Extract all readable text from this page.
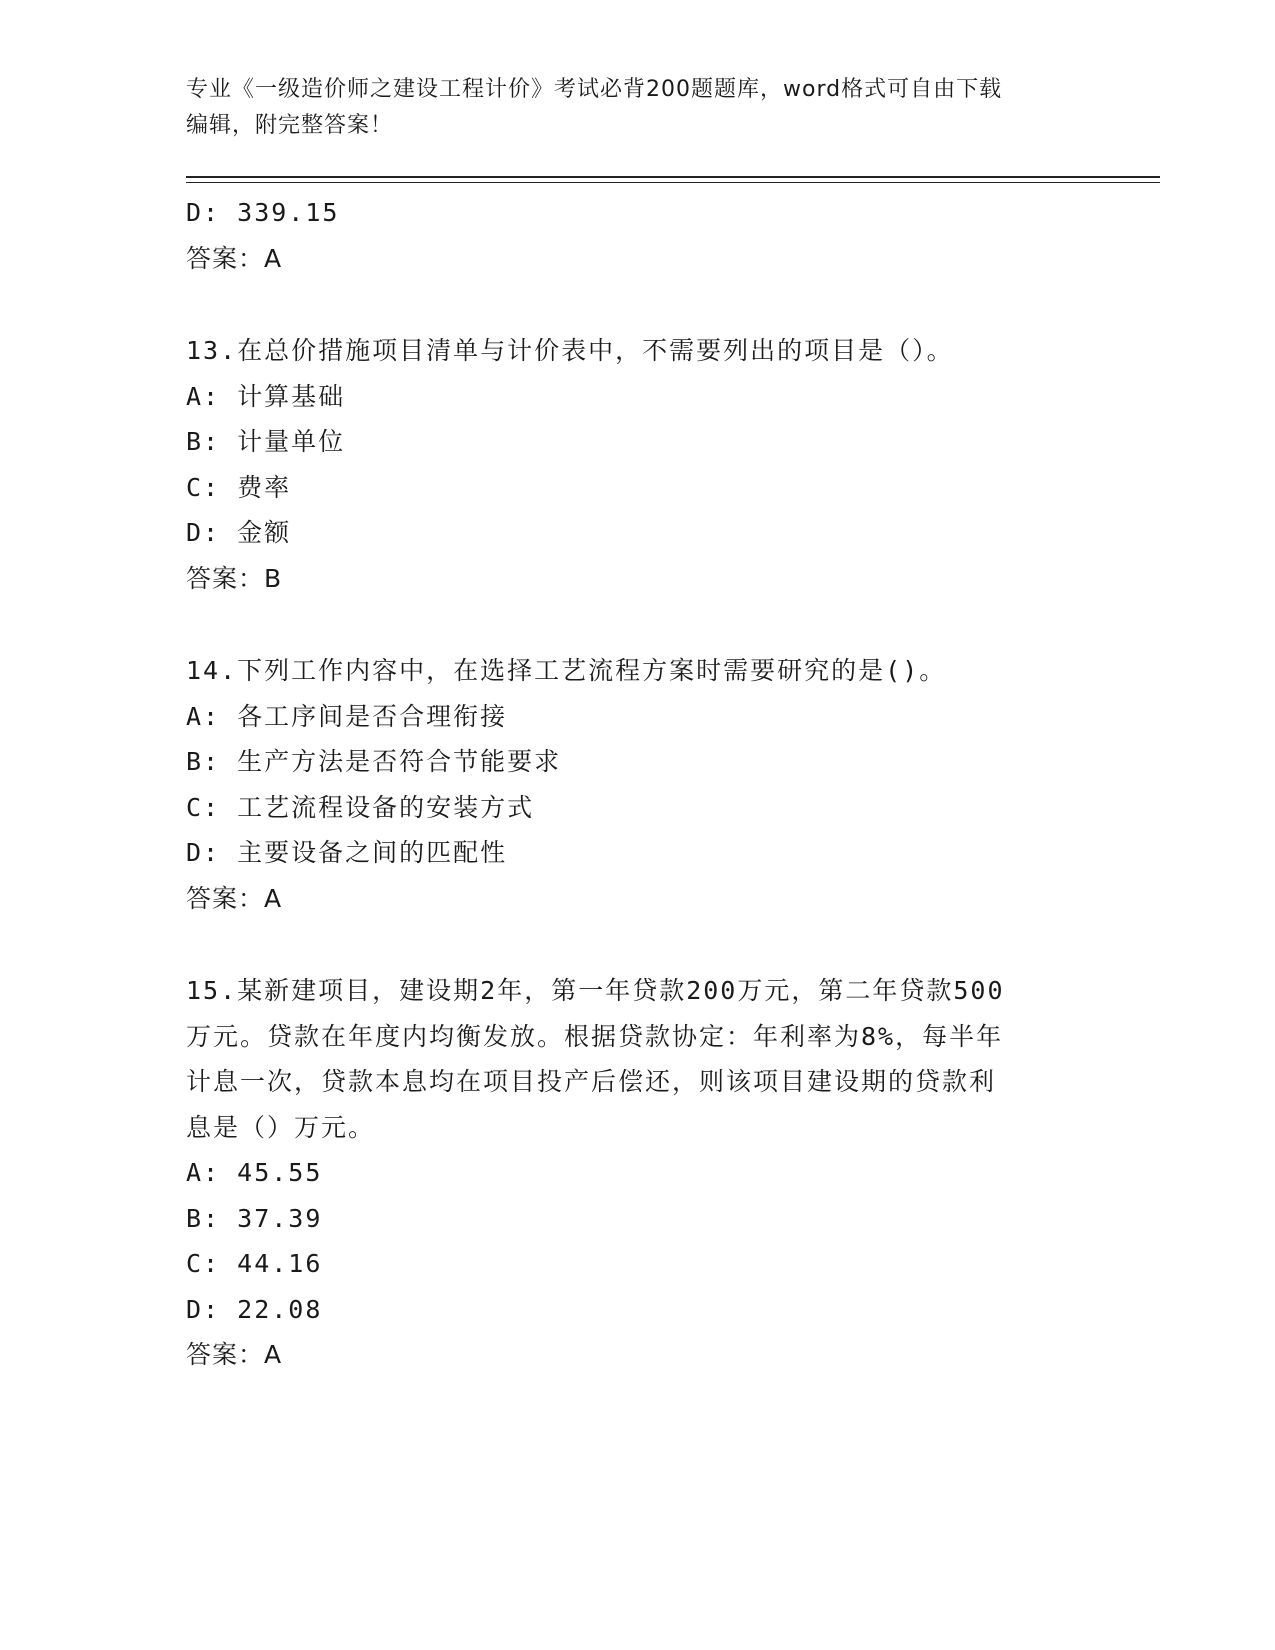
专业《一级造价师之建设工程计价》考试必背200题题库，word格式可自由下载
编辑，附完整答案！
D: 339.15
答案：A
13.在总价措施项目清单与计价表中，不需要列出的项目是（）。
A: 计算基础
B: 计量单位
C: 费率
D: 金额
答案：B
14.下列工作内容中，在选择工艺流程方案时需要研究的是()。
A: 各工序间是否合理衔接
B: 生产方法是否符合节能要求
C: 工艺流程设备的安装方式
D: 主要设备之间的匹配性
答案：A
15.某新建项目，建设期2年，第一年贷款200万元，第二年贷款500
万元。贷款在年度内均衡发放。根据贷款协定：年利率为8%，每半年
计息一次，贷款本息均在项目投产后偿还，则该项目建设期的贷款利
息是（）万元。
A: 45.55
B: 37.39
C: 44.16
D: 22.08
答案：A
